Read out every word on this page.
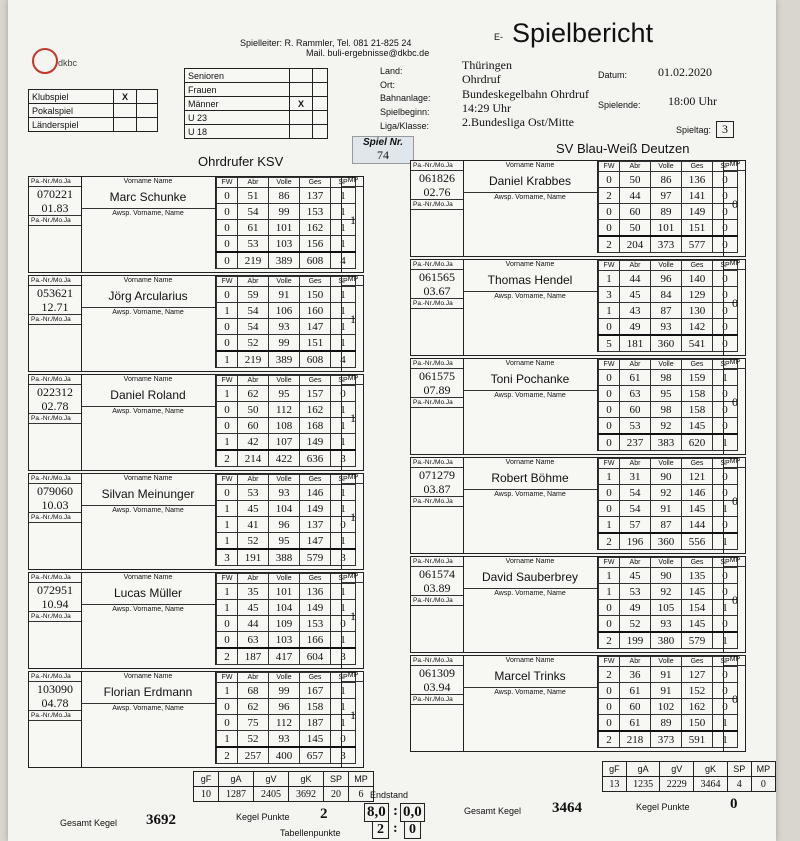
dkbc
Spielleiter: R. Rammler, Tel. 081 21-825 24
Mail. buli-ergebnisse@dkbc.de
E- Spielbericht
Klubspiel	X	
Pokalspiel		
Länderspiel		
Senioren		
Frauen		
Männer	X	
U 23		
U 18		
Land:	Thüringen
Ort:	Ohrdruf	Datum:	01.02.2020
Bahnanlage:	Bundeskegelbahn Ohrdruf
Spielbeginn:	14:29 Uhr	Spielende: 18:00 Uhr
Liga/Klasse:	2.Bundesliga Ost/Mitte
Spieltag: 3
Spiel Nr.
74
Ohrdrufer KSV
SV Blau-Weiß Deutzen
Pa.-Nr./Mo.Ja
070221
01.83
Pa.-Nr./Mo.Ja
Vorname Name
Marc Schunke
Awsp. Vorname, Name
FW	Abr	Volle	Ges	SP
0	51	86	137	1
0	54	99	153	1
0	61	101	162	1
0	53	103	156	1
0	219	389	608	4
MP
1
Pa.-Nr./Mo.Ja
053621
12.71
Pa.-Nr./Mo.Ja
Vorname Name
Jörg Arcularius
Awsp. Vorname, Name
FW	Abr	Volle	Ges	SP
0	59	91	150	1
1	54	106	160	1
0	54	93	147	1
0	52	99	151	1
1	219	389	608	4
MP
1
Pa.-Nr./Mo.Ja
022312
02.78
Pa.-Nr./Mo.Ja
Vorname Name
Daniel Roland
Awsp. Vorname, Name
FW	Abr	Volle	Ges	SP
1	62	95	157	0
0	50	112	162	1
0	60	108	168	1
1	42	107	149	1
2	214	422	636	3
MP
1
Pa.-Nr./Mo.Ja
079060
10.03
Pa.-Nr./Mo.Ja
Vorname Name
Silvan Meinunger
Awsp. Vorname, Name
FW	Abr	Volle	Ges	SP
0	53	93	146	1
1	45	104	149	1
1	41	96	137	0
1	52	95	147	1
3	191	388	579	3
MP
1
Pa.-Nr./Mo.Ja
072951
10.94
Pa.-Nr./Mo.Ja
Vorname Name
Lucas Müller
Awsp. Vorname, Name
FW	Abr	Volle	Ges	SP
1	35	101	136	1
1	45	104	149	1
0	44	109	153	0
0	63	103	166	1
2	187	417	604	3
MP
1
Pa.-Nr./Mo.Ja
103090
04.78
Pa.-Nr./Mo.Ja
Vorname Name
Florian Erdmann
Awsp. Vorname, Name
FW	Abr	Volle	Ges	SP
1	68	99	167	1
0	62	96	158	1
0	75	112	187	1
1	52	93	145	0
2	257	400	657	3
MP
1
Pa.-Nr./Mo.Ja
061826
02.76
Pa.-Nr./Mo.Ja
Vorname Name
Daniel Krabbes
Awsp. Vorname, Name
FW	Abr	Volle	Ges	SP
0	50	86	136	0
2	44	97	141	0
0	60	89	149	0
0	50	101	151	0
2	204	373	577	0
MP
0
Pa.-Nr./Mo.Ja
061565
03.67
Pa.-Nr./Mo.Ja
Vorname Name
Thomas Hendel
Awsp. Vorname, Name
FW	Abr	Volle	Ges	SP
1	44	96	140	0
3	45	84	129	0
1	43	87	130	0
0	49	93	142	0
5	181	360	541	0
MP
0
Pa.-Nr./Mo.Ja
061575
07.89
Pa.-Nr./Mo.Ja
Vorname Name
Toni Pochanke
Awsp. Vorname, Name
FW	Abr	Volle	Ges	SP
0	61	98	159	1
0	63	95	158	0
0	60	98	158	0
0	53	92	145	0
0	237	383	620	1
MP
0
Pa.-Nr./Mo.Ja
071279
03.87
Pa.-Nr./Mo.Ja
Vorname Name
Robert Böhme
Awsp. Vorname, Name
FW	Abr	Volle	Ges	SP
1	31	90	121	0
0	54	92	146	0
0	54	91	145	1
1	57	87	144	0
2	196	360	556	1
MP
0
Pa.-Nr./Mo.Ja
061574
03.89
Pa.-Nr./Mo.Ja
Vorname Name
David Sauberbrey
Awsp. Vorname, Name
FW	Abr	Volle	Ges	SP
1	45	90	135	0
1	53	92	145	0
0	49	105	154	1
0	52	93	145	0
2	199	380	579	1
MP
0
Pa.-Nr./Mo.Ja
061309
03.94
Pa.-Nr./Mo.Ja
Vorname Name
Marcel Trinks
Awsp. Vorname, Name
FW	Abr	Volle	Ges	SP
2	36	91	127	0
0	61	91	152	0
0	60	102	162	0
0	61	89	150	1
2	218	373	591	1
MP
0
gF	gA	gV	gK	SP	MP
10	1287	2405	3692	20	6
gF	gA	gV	gK	SP	MP
13	1235	2229	3464	4	0
Gesamt Kegel 3692	Kegel Punkte 2
Endstand
8,0 : 0,0
Tabellenpunkte	2 : 0
Gesamt Kegel 3464	Kegel Punkte	0
